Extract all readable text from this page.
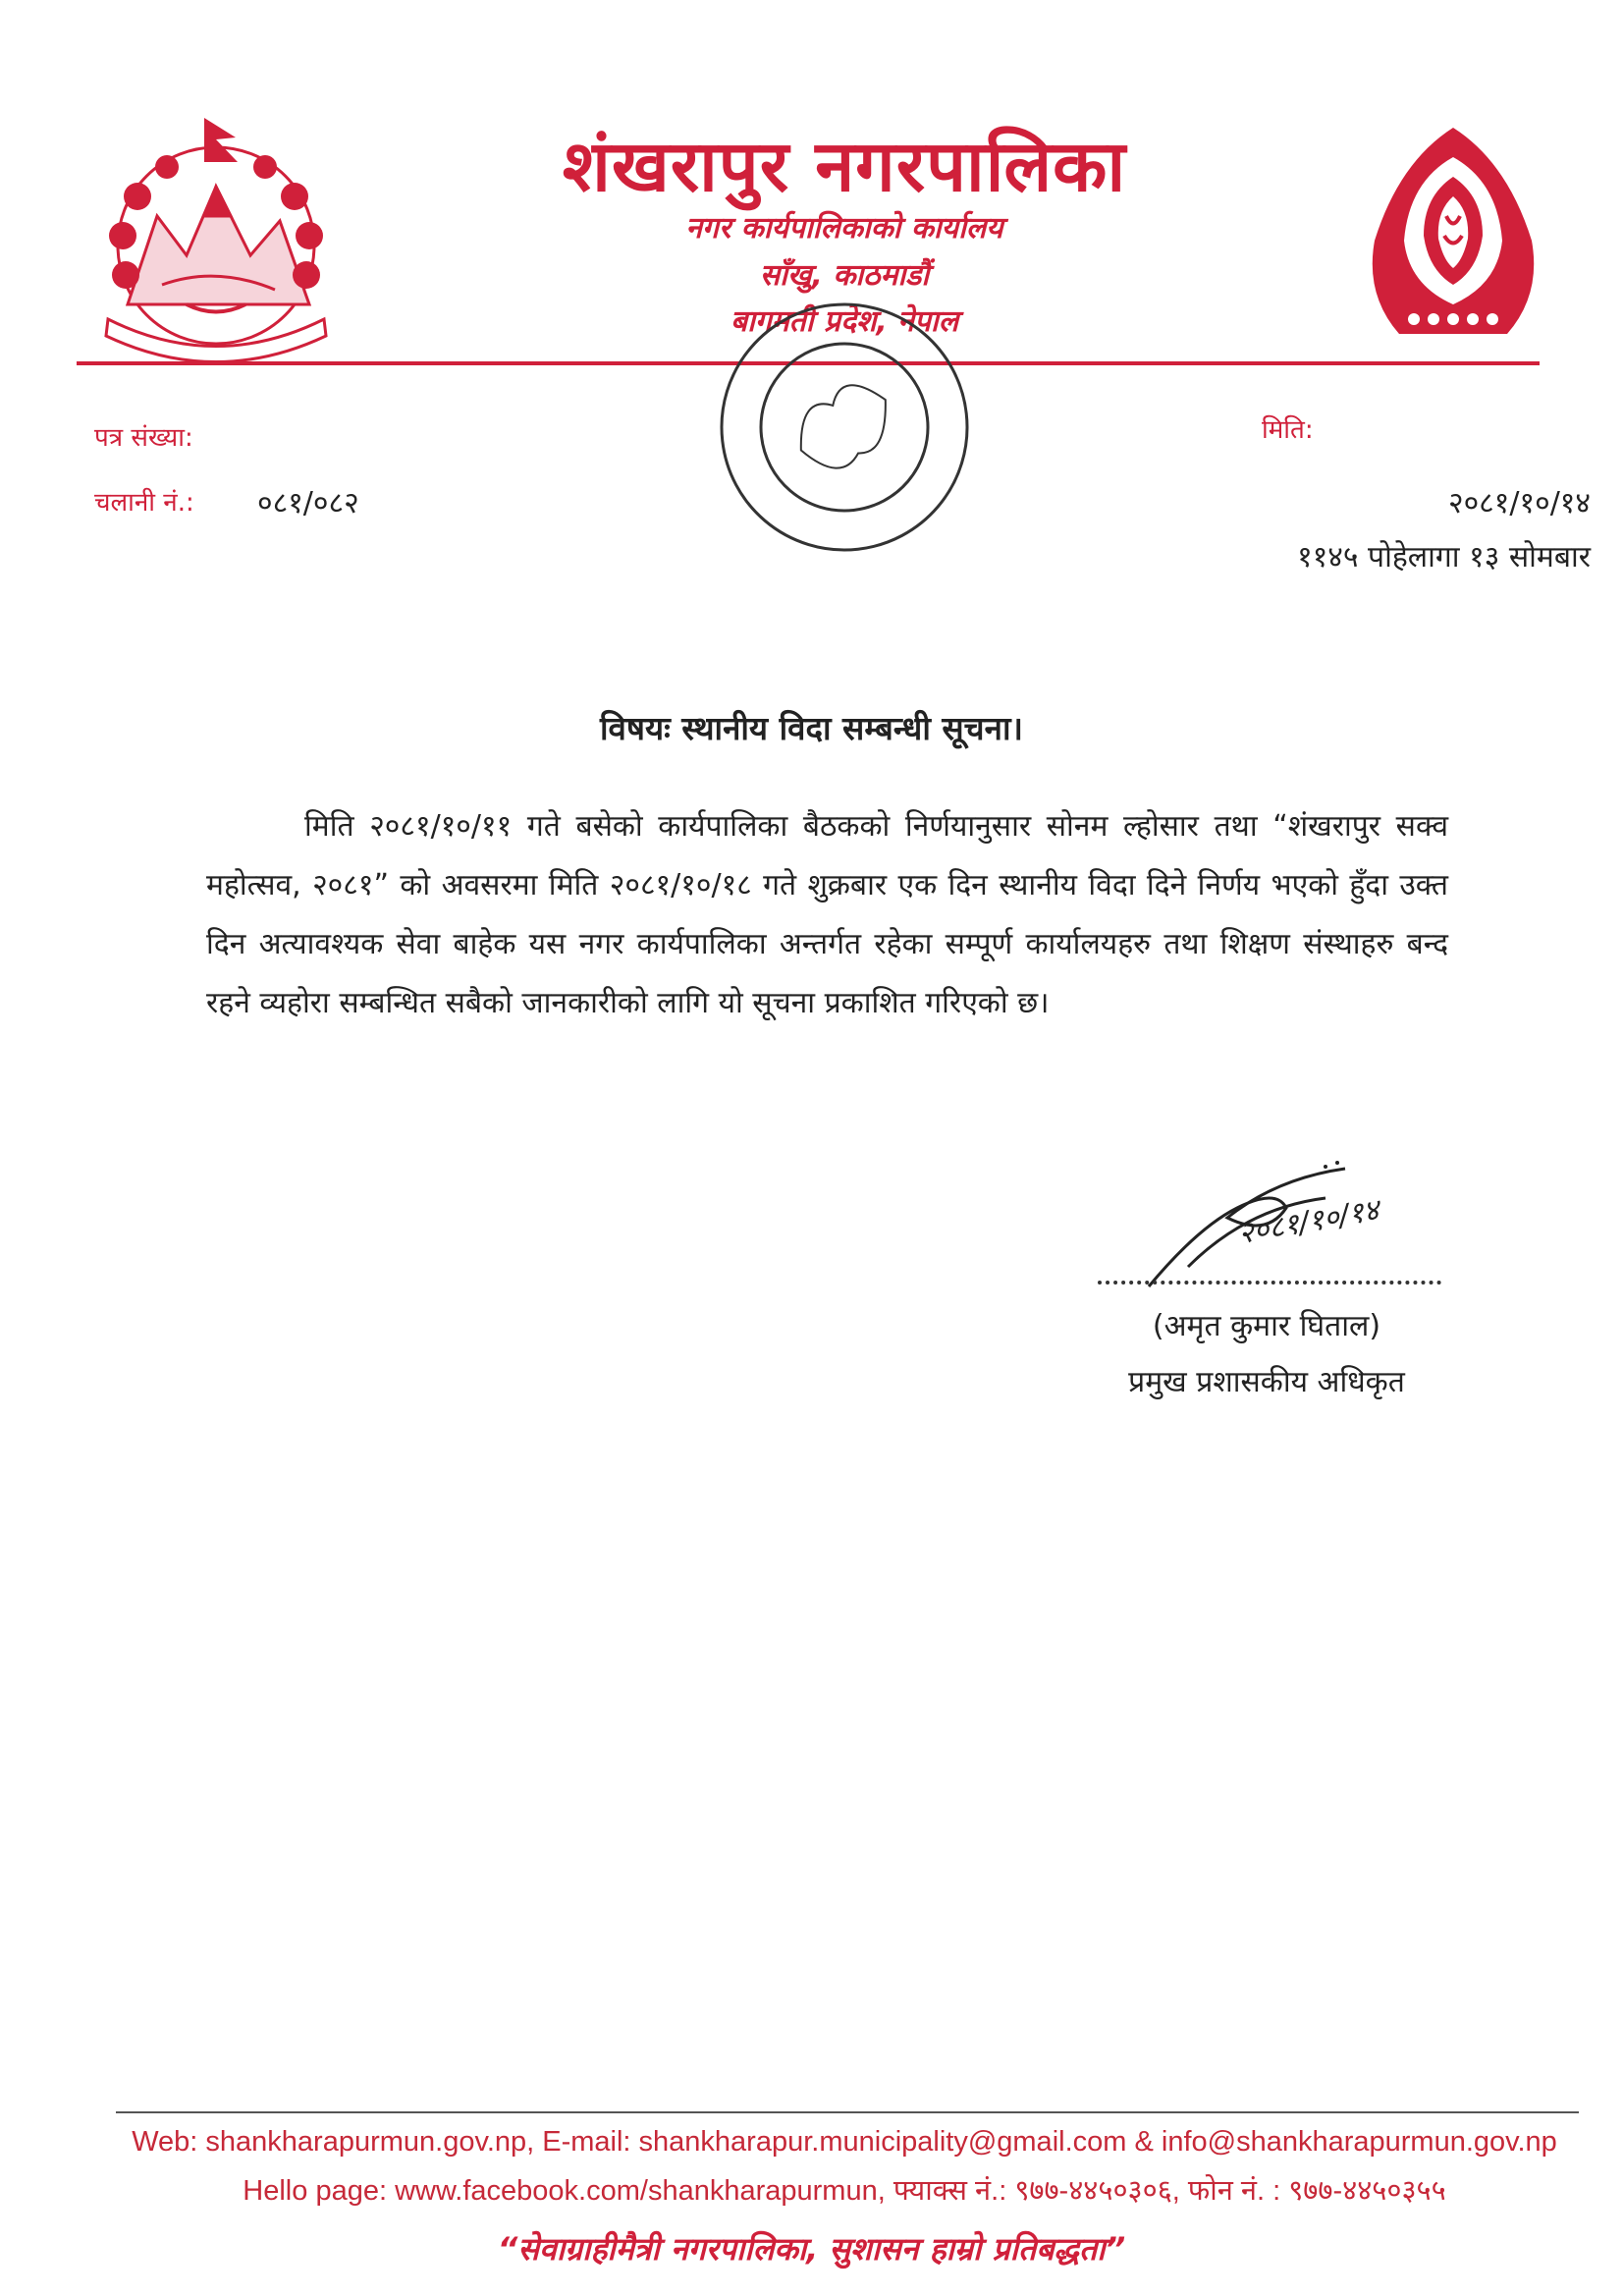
शंखरापुर नगरपालिका
नगर कार्यपालिकाको कार्यालय
साँखु, काठमाडौं
बागमती प्रदेश, नेपाल
पत्र संख्या:
चलानी नं.: ०८१/०८२
मिति:
२०८१/१०/१४
११४५ पोहेलागा १३ सोमबार
विषयः स्थानीय विदा सम्बन्धी सूचना।
मिति २०८१/१०/११ गते बसेको कार्यपालिका बैठकको निर्णयानुसार सोनम ल्होसार तथा “शंखरापुर सक्व महोत्सव, २०८१” को अवसरमा मिति २०८१/१०/१८ गते शुक्रबार एक दिन स्थानीय विदा दिने निर्णय भएको हुँदा उक्त दिन अत्यावश्यक सेवा बाहेक यस नगर कार्यपालिका अन्तर्गत रहेका सम्पूर्ण कार्यालयहरु तथा शिक्षण संस्थाहरु बन्द रहने व्यहोरा सम्बन्धित सबैको जानकारीको लागि यो सूचना प्रकाशित गरिएको छ।
२०८१/१०/१४
(अमृत कुमार घिताल)
प्रमुख प्रशासकीय अधिकृत
Web: shankharapurmun.gov.np, E-mail: shankharapur.municipality@gmail.com & info@shankharapurmun.gov.np
Hello page: www.facebook.com/shankharapurmun, फ्याक्स नं.: ९७७-४४५०३०६, फोन नं. : ९७७-४४५०३५५
“सेवाग्राहीमैत्री नगरपालिका, सुशासन हाम्रो प्रतिबद्धता”
